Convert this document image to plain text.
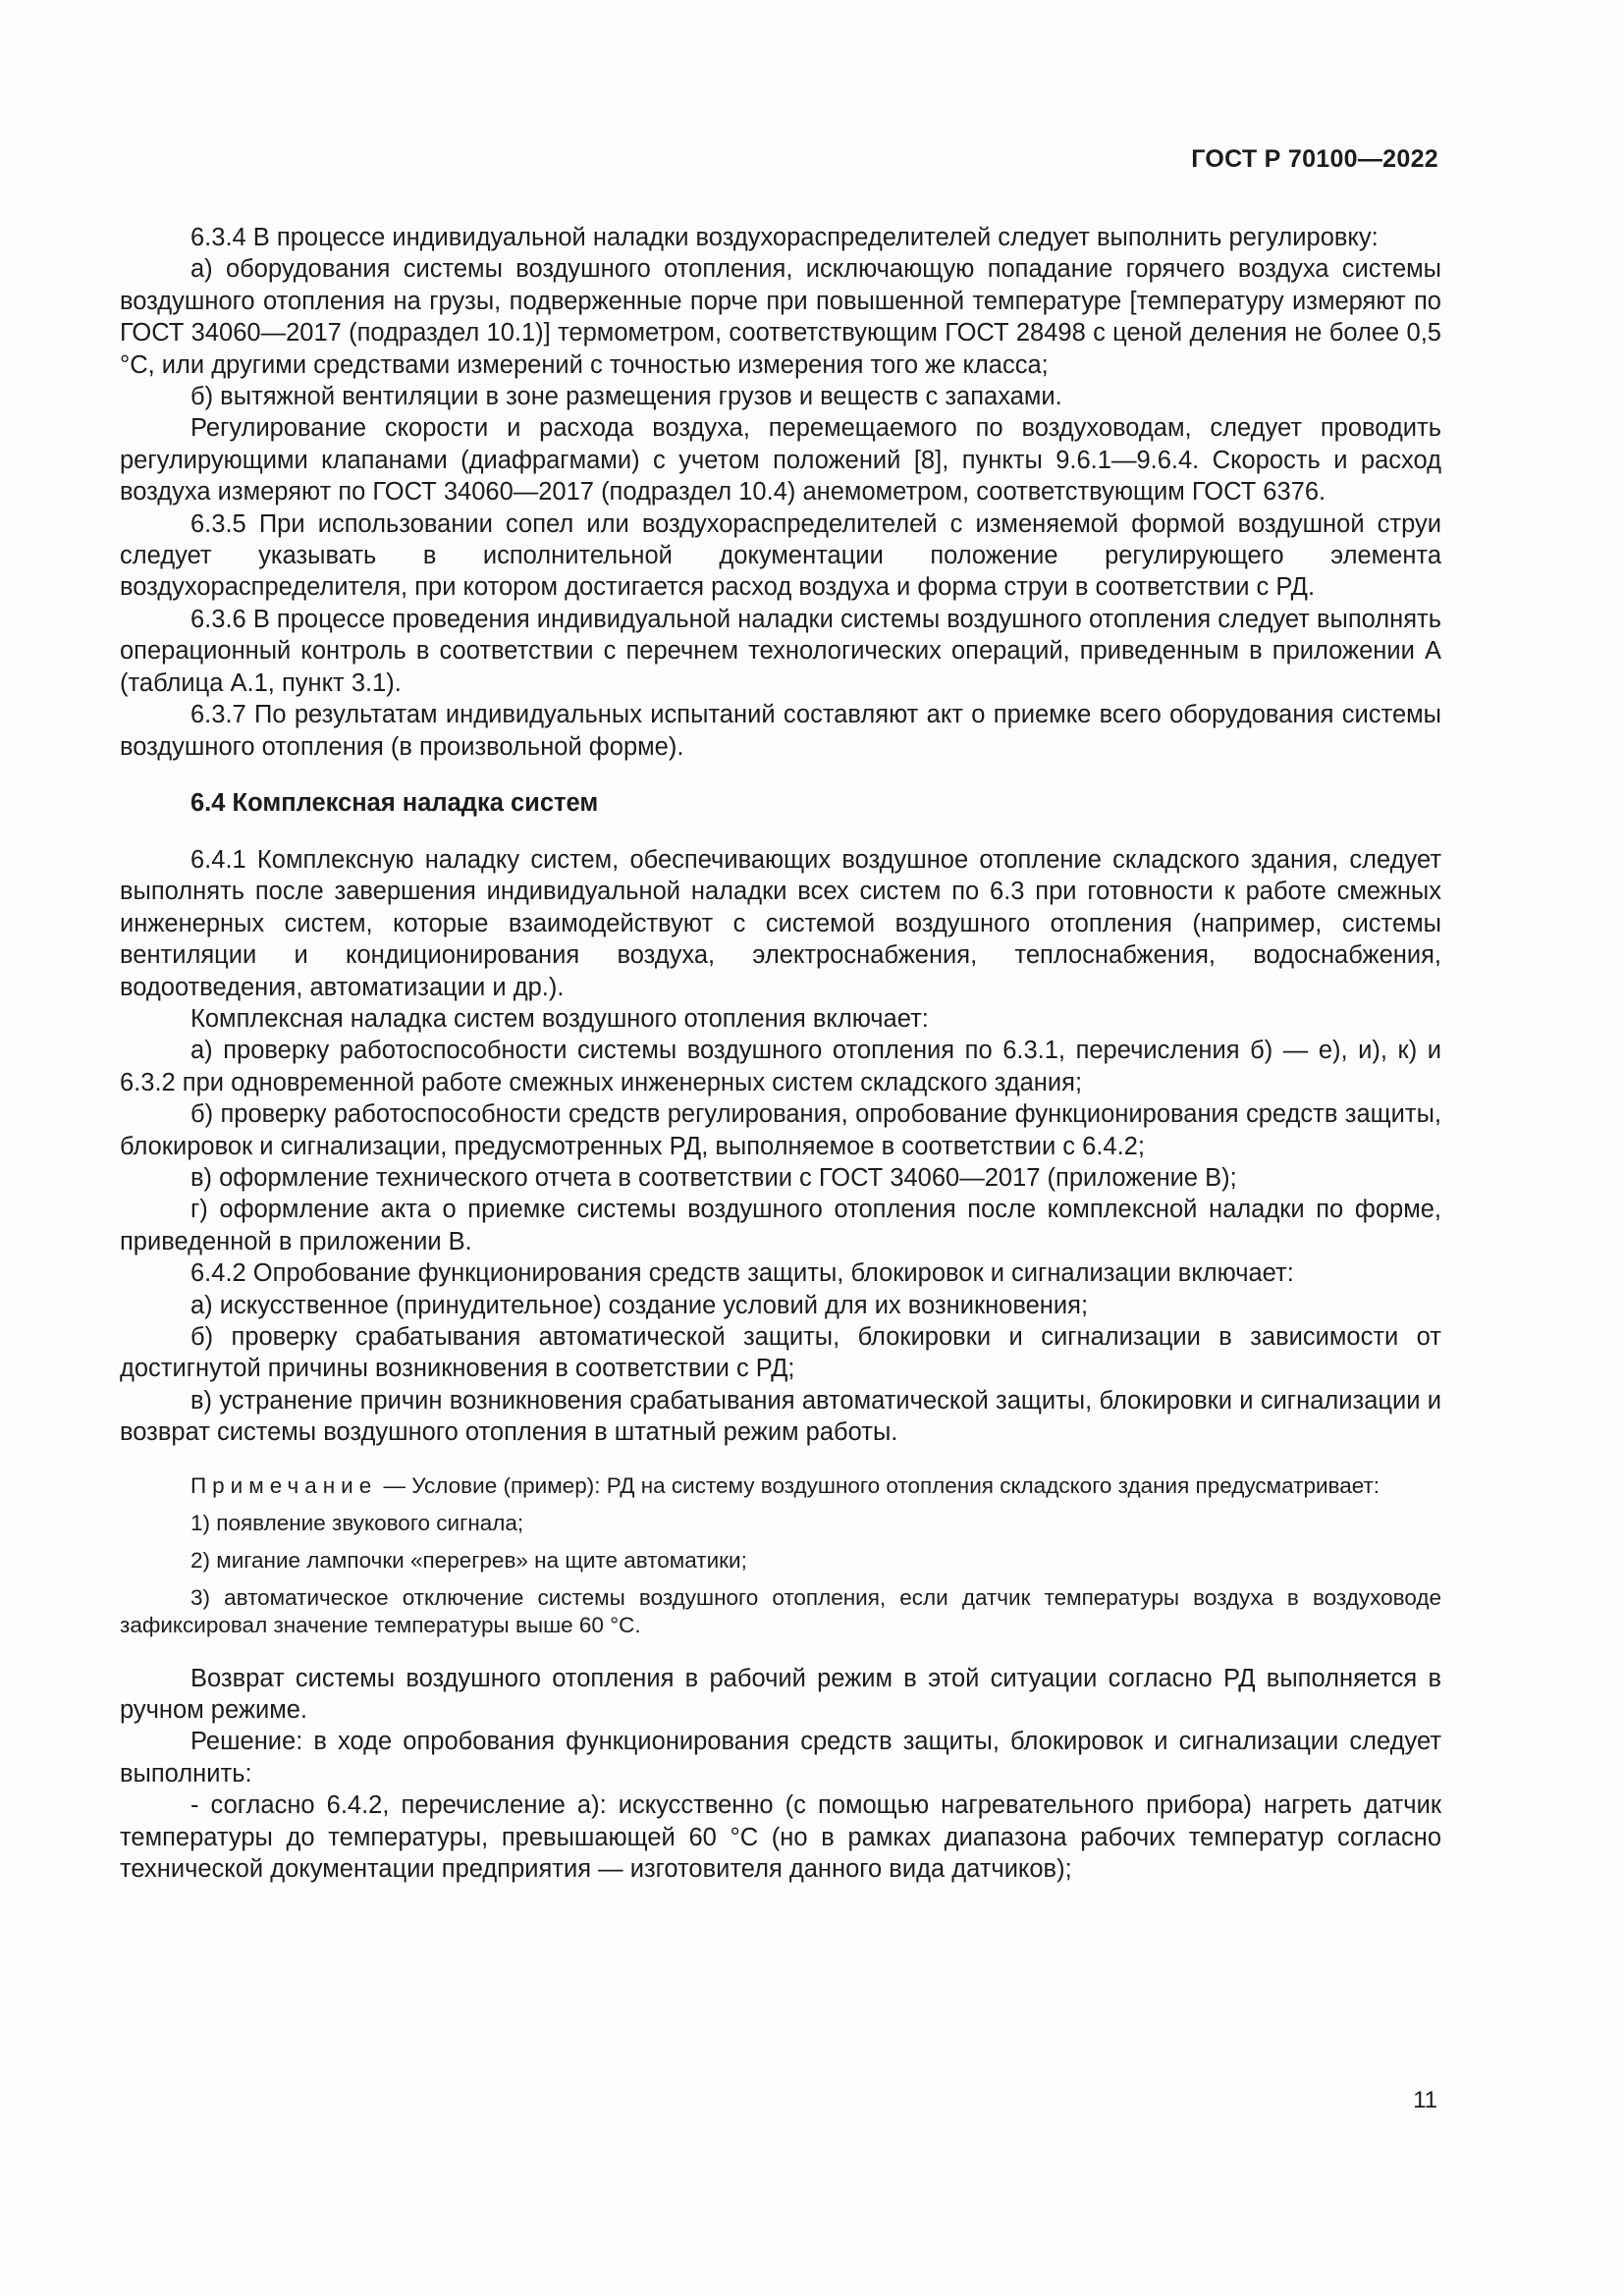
ГОСТ Р 70100—2022

6.3.4 В процессе индивидуальной наладки воздухораспределителей следует выполнить регулировку:

а) оборудования системы воздушного отопления, исключающую попадание горячего воздуха системы воздушного отопления на грузы, подверженные порче при повышенной температуре [температуру измеряют по ГОСТ 34060—2017 (подраздел 10.1)] термометром, соответствующим ГОСТ 28498 с ценой деления не более 0,5 °С, или другими средствами измерений с точностью измерения того же класса;

б) вытяжной вентиляции в зоне размещения грузов и веществ с запахами.

Регулирование скорости и расхода воздуха, перемещаемого по воздуховодам, следует проводить регулирующими клапанами (диафрагмами) с учетом положений [8], пункты 9.6.1—9.6.4. Скорость и расход воздуха измеряют по ГОСТ 34060—2017 (подраздел 10.4) анемометром, соответствующим ГОСТ 6376.

6.3.5 При использовании сопел или воздухораспределителей с изменяемой формой воздушной струи следует указывать в исполнительной документации положение регулирующего элемента воздухораспределителя, при котором достигается расход воздуха и форма струи в соответствии с РД.

6.3.6 В процессе проведения индивидуальной наладки системы воздушного отопления следует выполнять операционный контроль в соответствии с перечнем технологических операций, приведенным в приложении А (таблица А.1, пункт 3.1).

6.3.7 По результатам индивидуальных испытаний составляют акт о приемке всего оборудования системы воздушного отопления (в произвольной форме).

6.4 Комплексная наладка систем

6.4.1 Комплексную наладку систем, обеспечивающих воздушное отопление складского здания, следует выполнять после завершения индивидуальной наладки всех систем по 6.3 при готовности к работе смежных инженерных систем, которые взаимодействуют с системой воздушного отопления (например, системы вентиляции и кондиционирования воздуха, электроснабжения, теплоснабжения, водоснабжения, водоотведения, автоматизации и др.).

Комплексная наладка систем воздушного отопления включает:

а) проверку работоспособности системы воздушного отопления по 6.3.1, перечисления б) — е), и), к) и 6.3.2 при одновременной работе смежных инженерных систем складского здания;

б) проверку работоспособности средств регулирования, опробование функционирования средств защиты, блокировок и сигнализации, предусмотренных РД, выполняемое в соответствии с 6.4.2;

в) оформление технического отчета в соответствии с ГОСТ 34060—2017 (приложение В);

г) оформление акта о приемке системы воздушного отопления после комплексной наладки по форме, приведенной в приложении В.

6.4.2 Опробование функционирования средств защиты, блокировок и сигнализации включает:

а) искусственное (принудительное) создание условий для их возникновения;

б) проверку срабатывания автоматической защиты, блокировки и сигнализации в зависимости от достигнутой причины возникновения в соответствии с РД;

в) устранение причин возникновения срабатывания автоматической защиты, блокировки и сигнализации и возврат системы воздушного отопления в штатный режим работы.

Примечание — Условие (пример): РД на систему воздушного отопления складского здания предусматривает:

1) появление звукового сигнала;

2) мигание лампочки «перегрев» на щите автоматики;

3) автоматическое отключение системы воздушного отопления, если датчик температуры воздуха в воздуховоде зафиксировал значение температуры выше 60 °С.

Возврат системы воздушного отопления в рабочий режим в этой ситуации согласно РД выполняется в ручном режиме.

Решение: в ходе опробования функционирования средств защиты, блокировок и сигнализации следует выполнить:

- согласно 6.4.2, перечисление а): искусственно (с помощью нагревательного прибора) нагреть датчик температуры до температуры, превышающей 60 °С (но в рамках диапазона рабочих температур согласно технической документации предприятия — изготовителя данного вида датчиков);

11
